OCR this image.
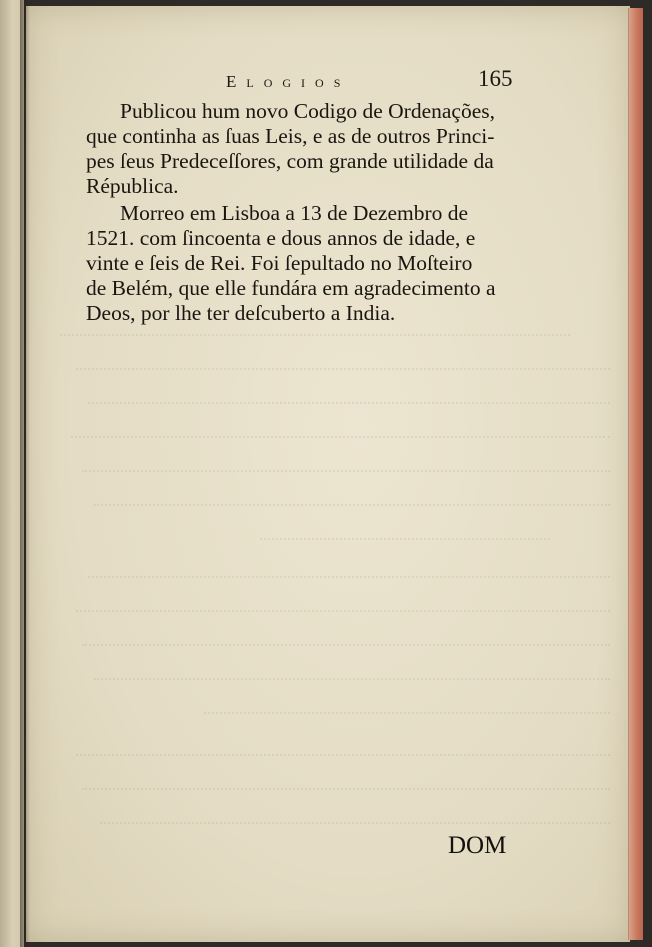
Elogios	165
Publicou hum novo Codigo de Ordenações,
que continha as ſuas Leis, e as de outros Princi-
pes ſeus Predeceſſores, com grande utilidade da
Républica.
Morreo em Lisboa a 13 de Dezembro de
1521. com ſincoenta e dous annos de idade, e
vinte e ſeis de Rei. Foi ſepultado no Moſteiro
de Belém, que elle fundára em agradecimento a
Deos, por lhe ter deſcuberto a India.
DOM
